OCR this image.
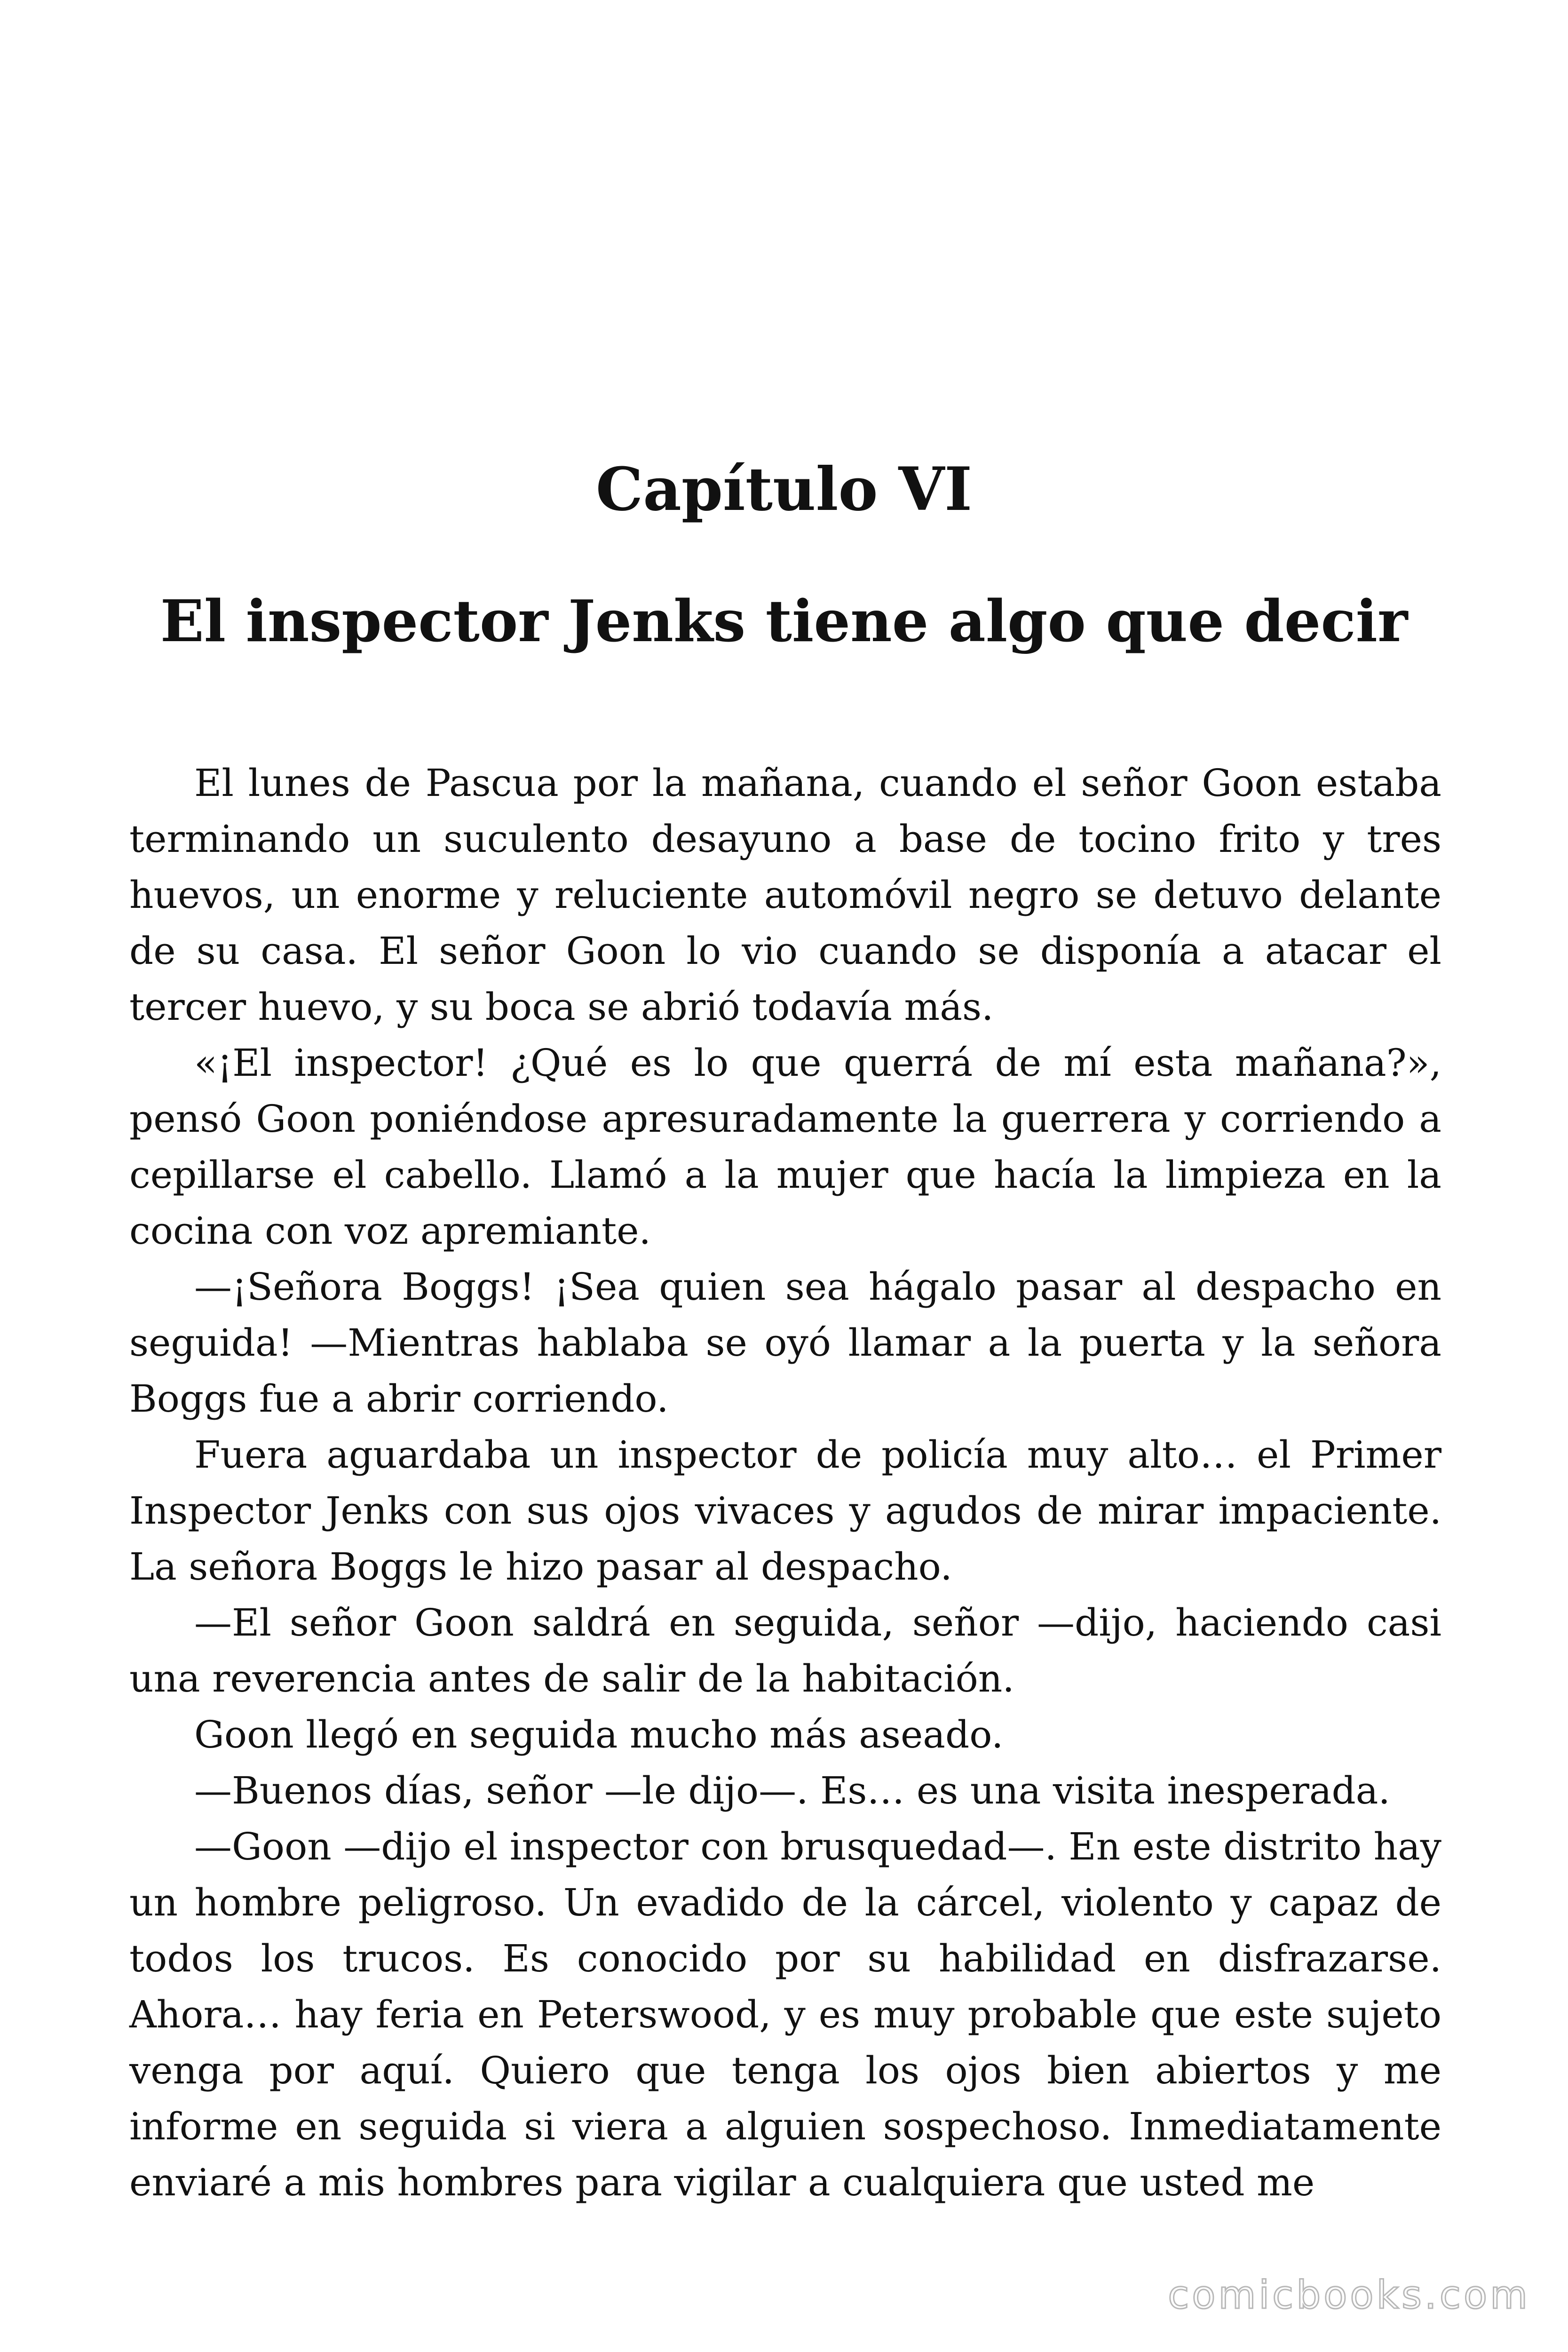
Capítulo VI
El inspector Jenks tiene algo que decir

El lunes de Pascua por la mañana, cuando el señor Goon estaba terminando un suculento desayuno a base de tocino frito y tres huevos, un enorme y reluciente automóvil negro se detuvo delante de su casa. El señor Goon lo vio cuando se disponía a atacar el tercer huevo, y su boca se abrió todavía más.

«¡El inspector! ¿Qué es lo que querrá de mí esta mañana?», pensó Goon poniéndose apresuradamente la guerrera y corriendo a cepillarse el cabello. Llamó a la mujer que hacía la limpieza en la cocina con voz apremiante.

—¡Señora Boggs! ¡Sea quien sea hágalo pasar al despacho en seguida! —Mientras hablaba se oyó llamar a la puerta y la señora Boggs fue a abrir corriendo.

Fuera aguardaba un inspector de policía muy alto… el Primer Inspector Jenks con sus ojos vivaces y agudos de mirar impaciente. La señora Boggs le hizo pasar al despacho.

—El señor Goon saldrá en seguida, señor —dijo, haciendo casi una reverencia antes de salir de la habitación.

Goon llegó en seguida mucho más aseado.

—Buenos días, señor —le dijo—. Es… es una visita inesperada.

—Goon —dijo el inspector con brusquedad—. En este distrito hay un hombre peligroso. Un evadido de la cárcel, violento y capaz de todos los trucos. Es conocido por su habilidad en disfrazarse. Ahora… hay feria en Peterswood, y es muy probable que este sujeto venga por aquí. Quiero que tenga los ojos bien abiertos y me informe en seguida si viera a alguien sospechoso. Inmediatamente enviaré a mis hombres para vigilar a cualquiera que usted me

comicbooks.com
